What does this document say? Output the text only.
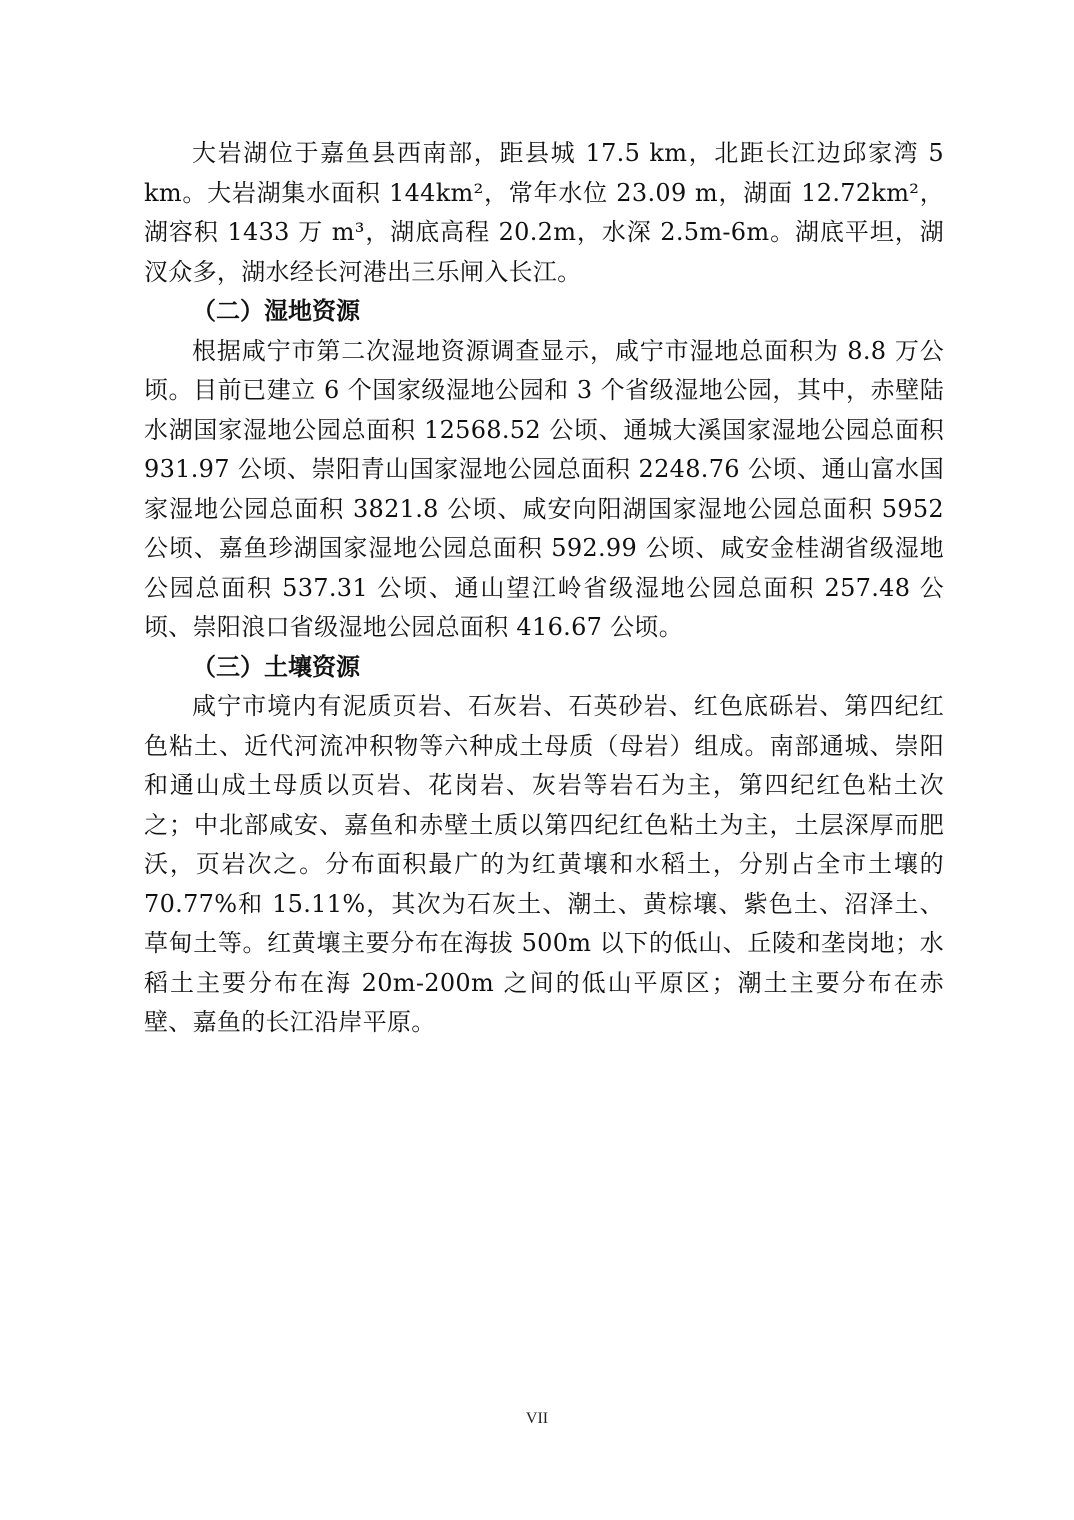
大岩湖位于嘉鱼县西南部，距县城 17.5 km，北距长江边邱家湾 5 km。大岩湖集水面积 144km²，常年水位 23.09 m，湖面 12.72km²，湖容积 1433 万 m³，湖底高程 20.2m，水深 2.5m-6m。湖底平坦，湖汊众多，湖水经长河港出三乐闸入长江。

（二）湿地资源

根据咸宁市第二次湿地资源调查显示，咸宁市湿地总面积为 8.8 万公顷。目前已建立 6 个国家级湿地公园和 3 个省级湿地公园，其中，赤壁陆水湖国家湿地公园总面积 12568.52 公顷、通城大溪国家湿地公园总面积 931.97 公顷、崇阳青山国家湿地公园总面积 2248.76 公顷、通山富水国家湿地公园总面积 3821.8 公顷、咸安向阳湖国家湿地公园总面积 5952 公顷、嘉鱼珍湖国家湿地公园总面积 592.99 公顷、咸安金桂湖省级湿地公园总面积 537.31 公顷、通山望江岭省级湿地公园总面积 257.48 公顷、崇阳浪口省级湿地公园总面积 416.67 公顷。

（三）土壤资源

咸宁市境内有泥质页岩、石灰岩、石英砂岩、红色底砾岩、第四纪红色粘土、近代河流冲积物等六种成土母质（母岩）组成。南部通城、崇阳和通山成土母质以页岩、花岗岩、灰岩等岩石为主，第四纪红色粘土次之；中北部咸安、嘉鱼和赤壁土质以第四纪红色粘土为主，土层深厚而肥沃，页岩次之。分布面积最广的为红黄壤和水稻土，分别占全市土壤的 70.77%和 15.11%，其次为石灰土、潮土、黄棕壤、紫色土、沼泽土、草甸土等。红黄壤主要分布在海拔 500m 以下的低山、丘陵和垄岗地；水稻土主要分布在海 20m-200m 之间的低山平原区；潮土主要分布在赤壁、嘉鱼的长江沿岸平原。

VII
